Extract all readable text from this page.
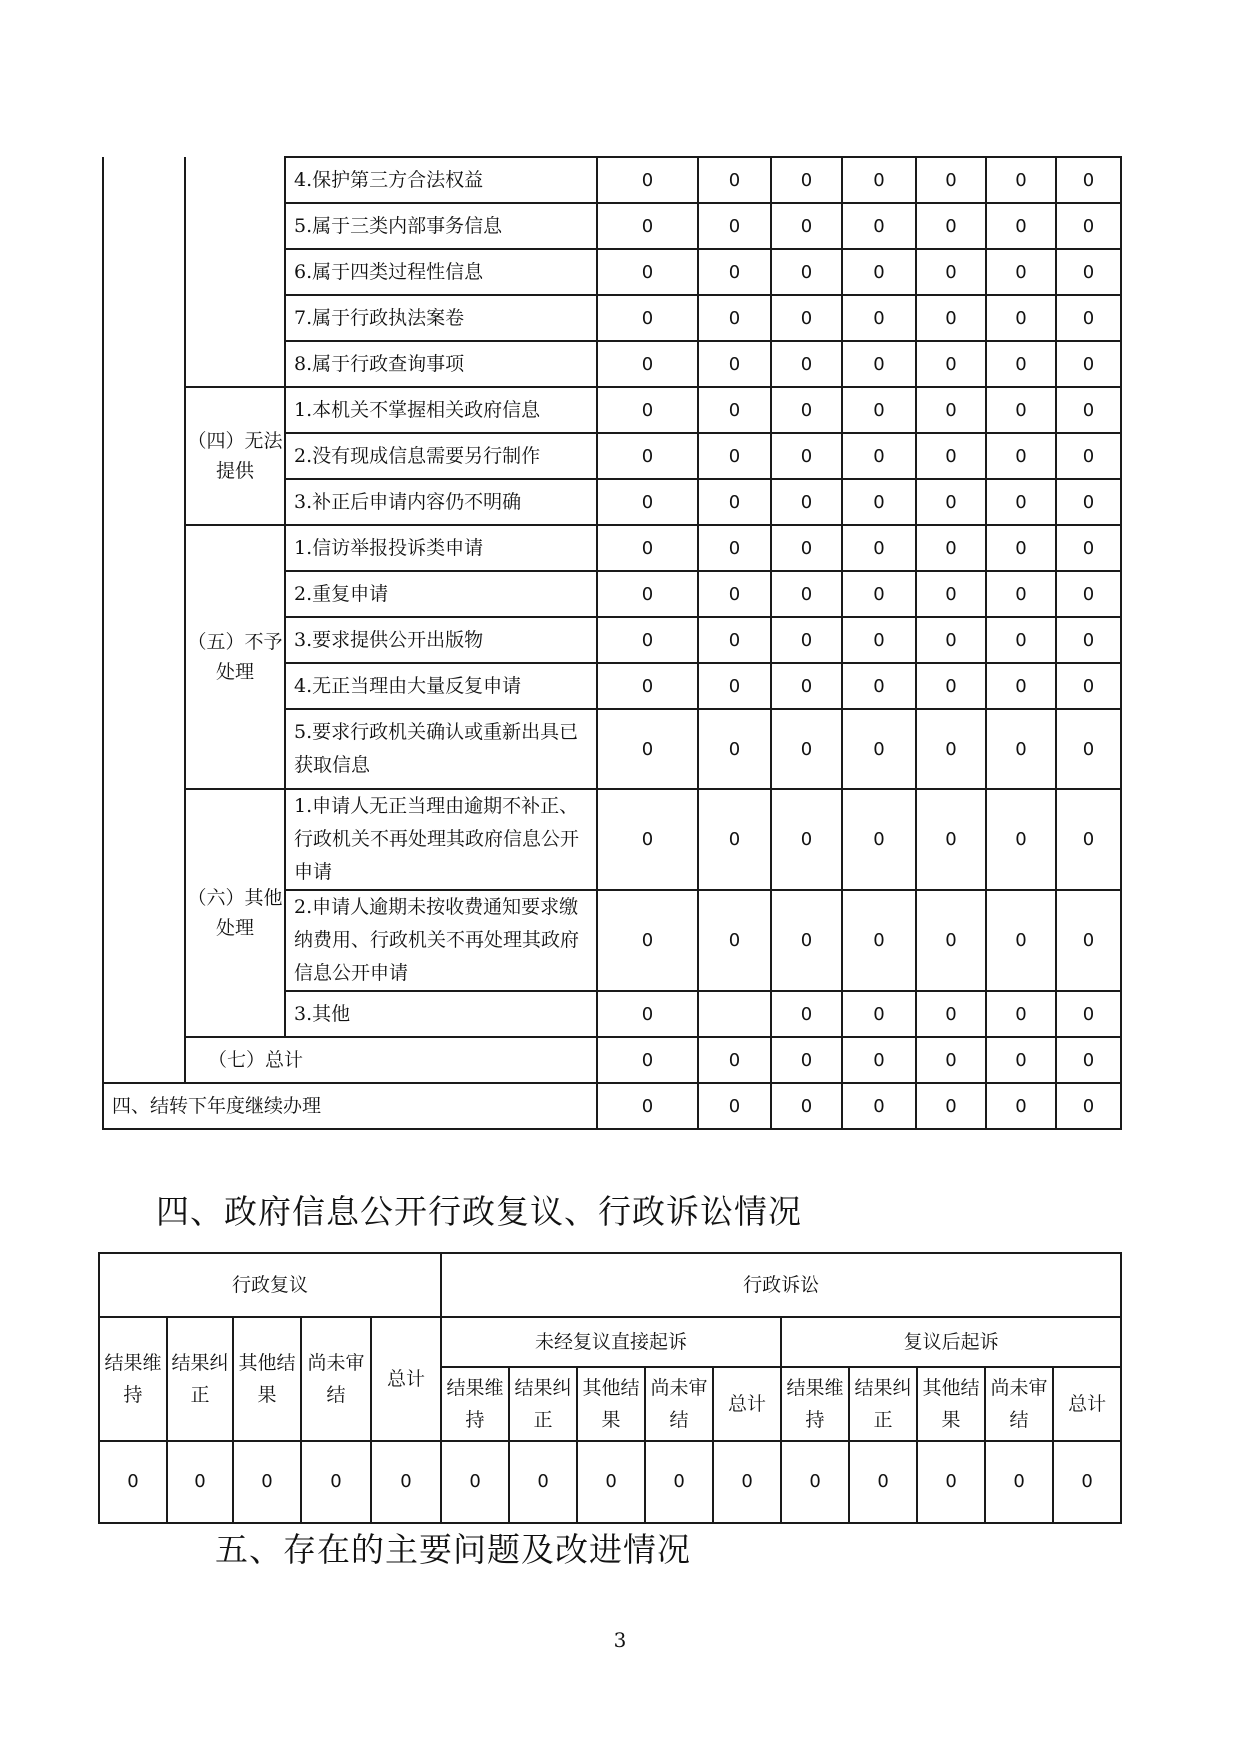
		4.保护第三方合法权益	0	0	0	0	0	0	0
		5.属于三类内部事务信息	0	0	0	0	0	0	0
		6.属于四类过程性信息	0	0	0	0	0	0	0
		7.属于行政执法案卷	0	0	0	0	0	0	0
		8.属于行政查询事项	0	0	0	0	0	0	0
	（四）无法提供	1.本机关不掌握相关政府信息	0	0	0	0	0	0	0
		2.没有现成信息需要另行制作	0	0	0	0	0	0	0
		3.补正后申请内容仍不明确	0	0	0	0	0	0	0
	（五）不予处理	1.信访举报投诉类申请	0	0	0	0	0	0	0
		2.重复申请	0	0	0	0	0	0	0
		3.要求提供公开出版物	0	0	0	0	0	0	0
		4.无正当理由大量反复申请	0	0	0	0	0	0	0
		5.要求行政机关确认或重新出具已获取信息	0	0	0	0	0	0	0
	（六）其他处理	1.申请人无正当理由逾期不补正、行政机关不再处理其政府信息公开申请	0	0	0	0	0	0	0
		2.申请人逾期未按收费通知要求缴纳费用、行政机关不再处理其政府信息公开申请	0	0	0	0	0	0	0
		3.其他	0		0	0	0	0	0
	（七）总计		0	0	0	0	0	0	0
四、结转下年度继续办理			0	0	0	0	0	0	0
四、政府信息公开行政复议、行政诉讼情况
行政复议					行政诉讼									
结果维持	结果纠正	其他结果	尚未审结	总计										
					未经复议直接起诉					复议后起诉				
					结果维持	结果纠正	其他结果	尚未审结	总计	结果维持	结果纠正	其他结果	尚未审结	总计
0	0	0	0	0	0	0	0	0	0	0	0	0	0	0
五、存在的主要问题及改进情况
3
